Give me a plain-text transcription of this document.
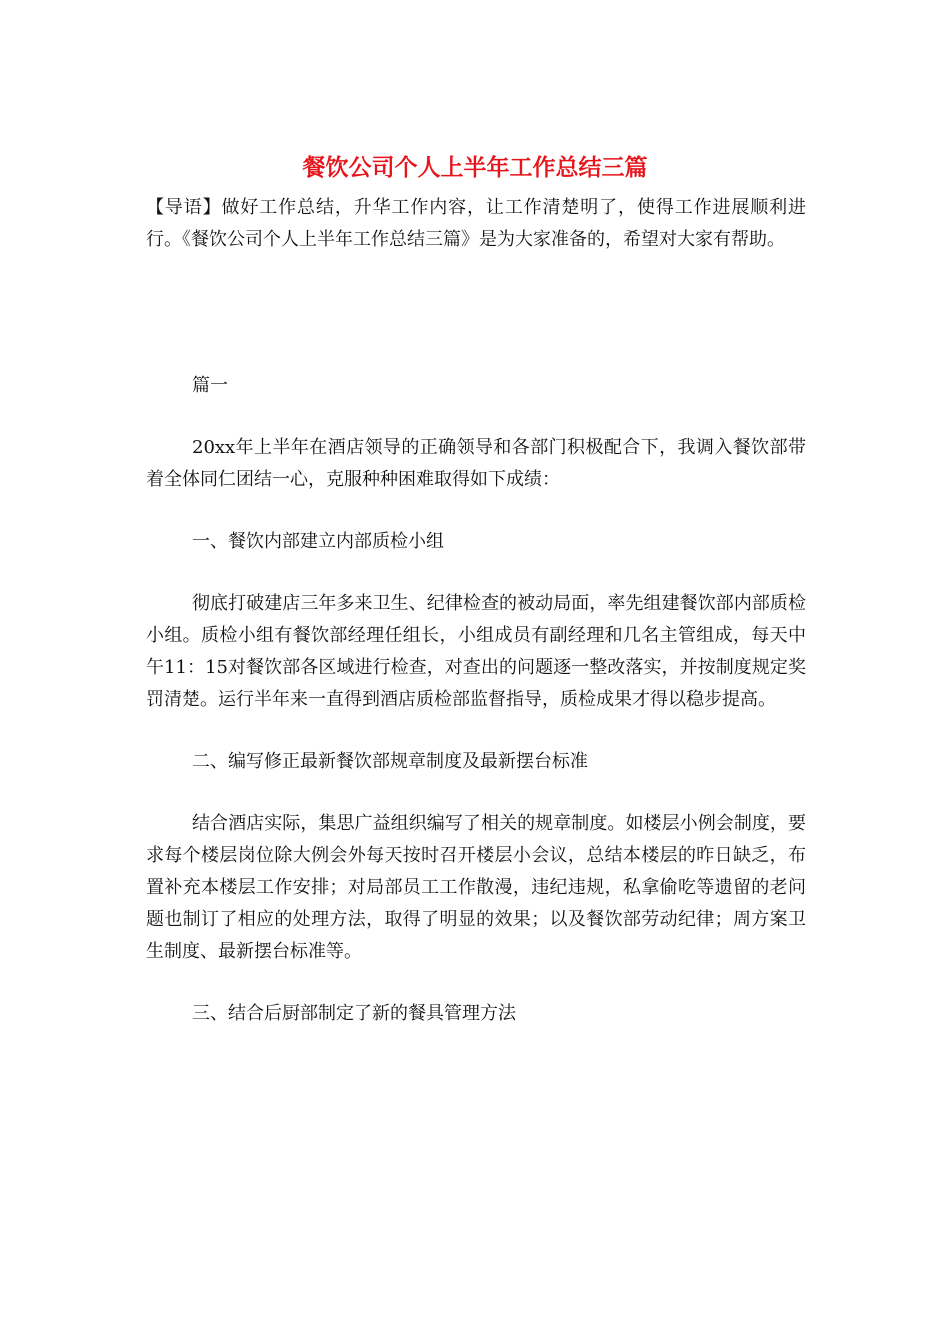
餐饮公司个人上半年工作总结三篇

【导语】做好工作总结，升华工作内容，让工作清楚明了，使得工作进展顺利进行。《餐饮公司个人上半年工作总结三篇》是为大家准备的，希望对大家有帮助。

篇一

20xx年上半年在酒店领导的正确领导和各部门积极配合下，我调入餐饮部带着全体同仁团结一心，克服种种困难取得如下成绩：

一、餐饮内部建立内部质检小组

彻底打破建店三年多来卫生、纪律检查的被动局面，率先组建餐饮部内部质检小组。质检小组有餐饮部经理任组长，小组成员有副经理和几名主管组成，每天中午11：15对餐饮部各区域进行检查，对查出的问题逐一整改落实，并按制度规定奖罚清楚。运行半年来一直得到酒店质检部监督指导，质检成果才得以稳步提高。

二、编写修正最新餐饮部规章制度及最新摆台标准

结合酒店实际，集思广益组织编写了相关的规章制度。如楼层小例会制度，要求每个楼层岗位除大例会外每天按时召开楼层小会议，总结本楼层的昨日缺乏，布置补充本楼层工作安排；对局部员工工作散漫，违纪违规，私拿偷吃等遗留的老问题也制订了相应的处理方法，取得了明显的效果；以及餐饮部劳动纪律；周方案卫生制度、最新摆台标准等。

三、结合后厨部制定了新的餐具管理方法
